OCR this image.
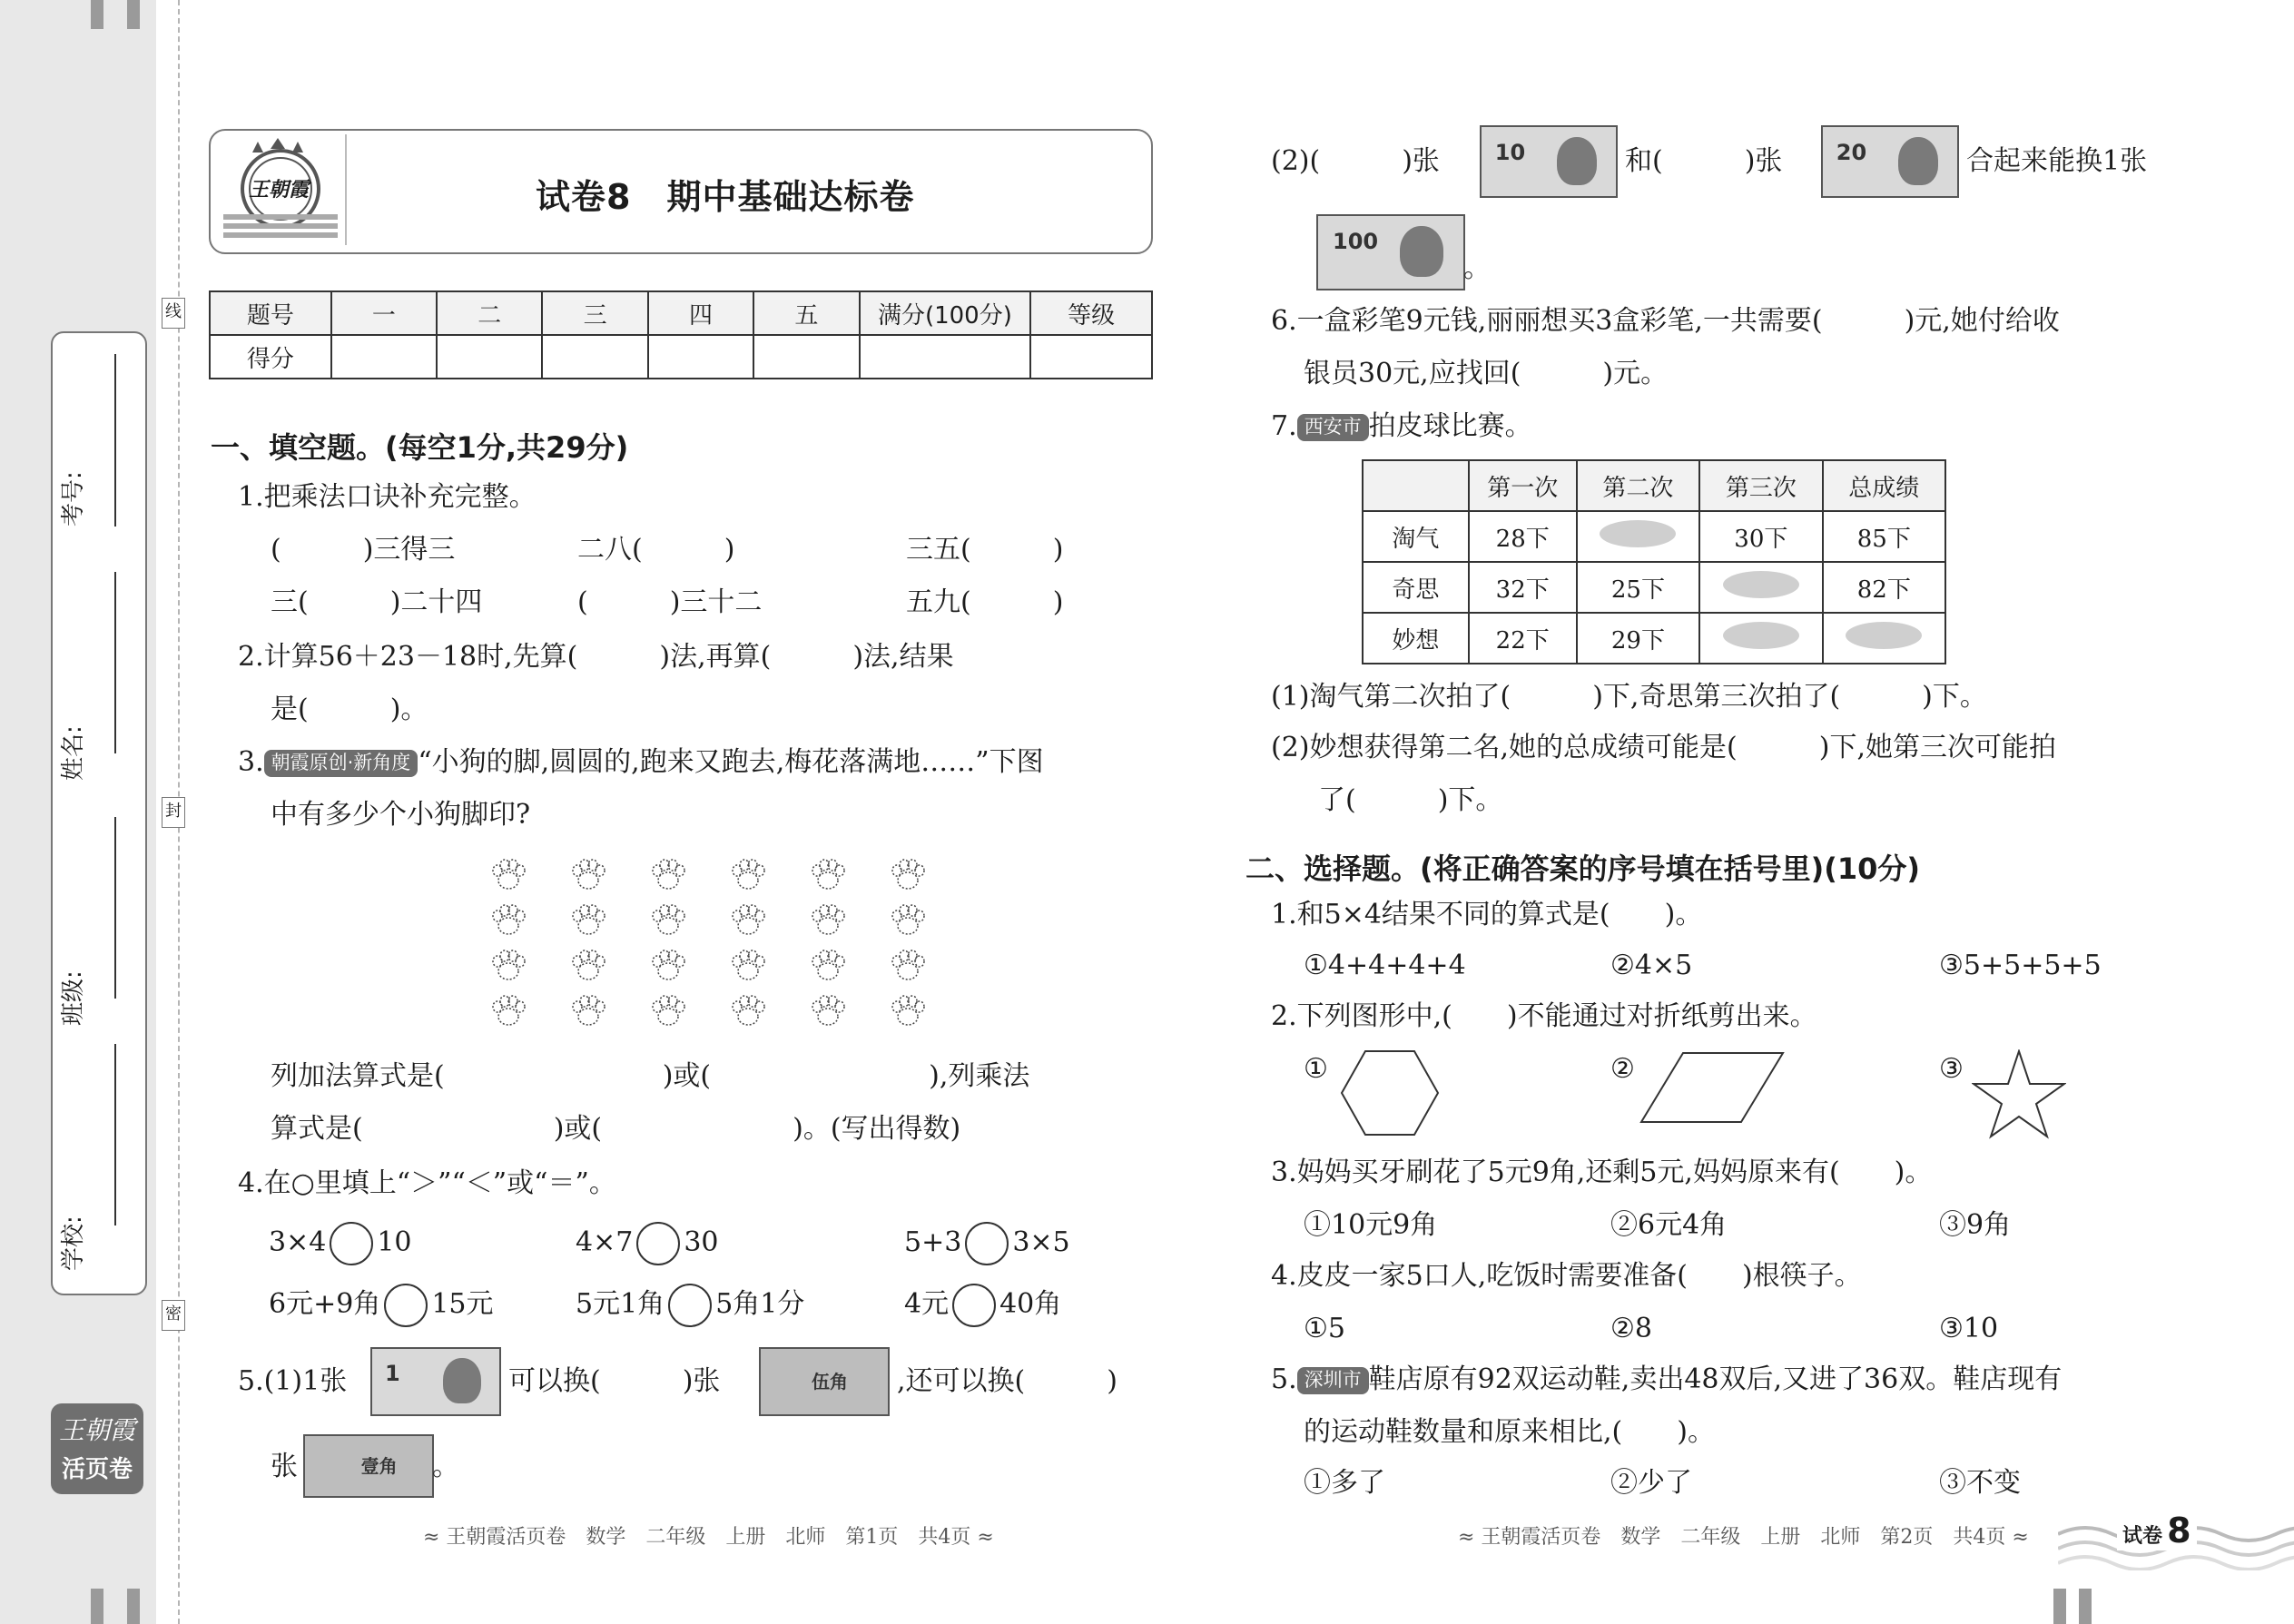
考号:
姓名:
班级:
学校:
线
封
密
王朝霞
活页卷
王朝霞	试卷8　期中基础达标卷
题号	一	二	三	四	五	满分(100分)	等级
得分							
一、填空题。(每空1分,共29分)
1.把乘法口诀补充完整。
(　　　)三得三	二八(　　　)	三五(　　　)
三(　　　)二十四	(　　　)三十二	五九(　　　)
2.计算56＋23－18时,先算(　　　)法,再算(　　　)法,结果
是(　　　)。
3. 朝霞原创·新角度 “小狗的脚,圆圆的,跑来又跑去,梅花落满地……”下图
中有多少个小狗脚印?
列加法算式是(　　　　　　　　)或(　　　　　　　　),列乘法
算式是(　　　　　　　)或(　　　　　　　)。(写出得数)
4.在○里填上“＞”“＜”或“＝”。
3×4 10	4×7 30	5+3 3×5
6元+9角 15元	5元1角 5角1分	4元 40角
5.(1)1张 1	可以换(　　　)张	伍角 ,还可以换(　　　)
张	壹角 。
≈ 王朝霞活页卷　数学　二年级　上册　北师　第1页　共4页 ≈
(2)(　　　)张	10	和(　　　)张 20	合起来能换1张
100
。
6.一盒彩笔9元钱,丽丽想买3盒彩笔,一共需要(　　　)元,她付给收
银员30元,应找回(　　　)元。
7. 西安市 拍皮球比赛。
	第一次	第二次	第三次	总成绩
淘气	28下		30下	85下
奇思	32下	25下		82下
妙想	22下	29下		
(1)淘气第二次拍了(　　　)下,奇思第三次拍了(　　　)下。
(2)妙想获得第二名,她的总成绩可能是(　　　)下,她第三次可能拍
了(　　　)下。
二、选择题。(将正确答案的序号填在括号里)(10分)
1.和5×4结果不同的算式是(　　)。
①4+4+4+4	②4×5	③5+5+5+5
2.下列图形中,(　　)不能通过对折纸剪出来。
①	②	③
3.妈妈买牙刷花了5元9角,还剩5元,妈妈原来有(　　)。
①10元9角	②6元4角	③9角
4.皮皮一家5口人,吃饭时需要准备(　　)根筷子。
①5	②8	③10
5. 深圳市 鞋店原有92双运动鞋,卖出48双后,又进了36双。鞋店现有
的运动鞋数量和原来相比,(　　)。
①多了	②少了	③不变
≈ 王朝霞活页卷　数学　二年级　上册　北师　第2页　共4页 ≈	试卷 8
